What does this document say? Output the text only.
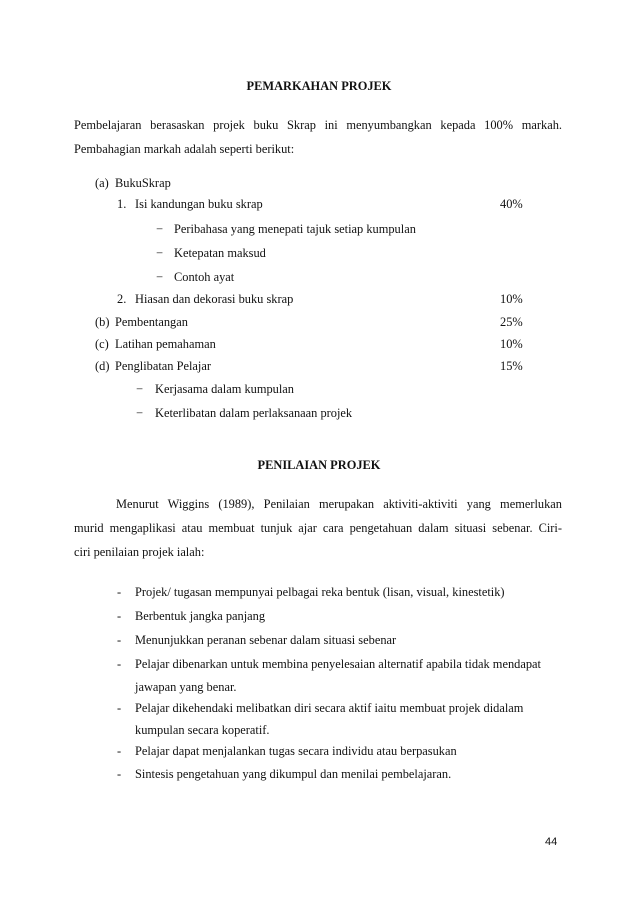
PEMARKAHAN PROJEK
Pembelajaran berasaskan projek buku Skrap ini menyumbangkan kepada 100% markah.
Pembahagian markah adalah seperti berikut:
(a) BukuSkrap
1. Isi kandungan buku skrap	40%
− Peribahasa yang menepati tajuk setiap kumpulan
− Ketepatan maksud
− Contoh ayat
2. Hiasan dan dekorasi buku skrap	10%
(b) Pembentangan	25%
(c) Latihan pemahaman	10%
(d) Penglibatan Pelajar	15%
− Kerjasama dalam kumpulan
− Keterlibatan dalam perlaksanaan projek
PENILAIAN PROJEK
Menurut Wiggins (1989), Penilaian merupakan aktiviti-aktiviti yang memerlukan
murid mengaplikasi atau membuat tunjuk ajar cara pengetahuan dalam situasi sebenar. Ciri-
ciri penilaian projek ialah:
- Projek/ tugasan mempunyai pelbagai reka bentuk (lisan, visual, kinestetik)
- Berbentuk jangka panjang
- Menunjukkan peranan sebenar dalam situasi sebenar
- Pelajar dibenarkan untuk membina penyelesaian alternatif apabila tidak mendapat
jawapan yang benar.
- Pelajar dikehendaki melibatkan diri secara aktif iaitu membuat projek didalam
kumpulan secara koperatif.
- Pelajar dapat menjalankan tugas secara individu atau berpasukan
- Sintesis pengetahuan yang dikumpul dan menilai pembelajaran.
44
